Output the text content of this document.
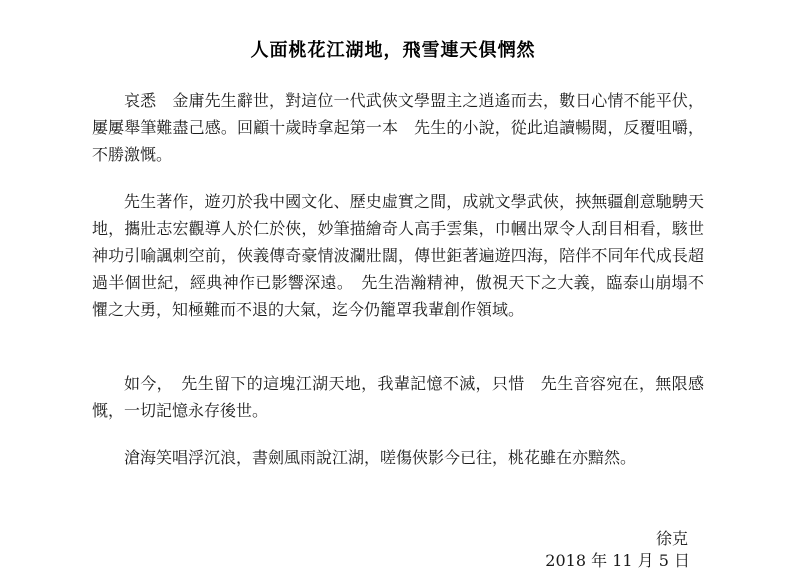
人面桃花江湖地，飛雪連天俱惘然
哀悉　金庸先生辭世，對這位一代武俠文學盟主之逍遙而去，數日心情不能平伏，屢屢舉筆難盡己感。回顧十歲時拿起第一本　先生的小說，從此追讀暢閱，反覆咀嚼，不勝激慨。
先生著作，遊刃於我中國文化、歷史虛實之間，成就文學武俠，挾無疆創意馳騁天地，攜壯志宏觀導人於仁於俠，妙筆描繪奇人高手雲集，巾幗出眾令人刮目相看，駭世神功引喻諷刺空前，俠義傳奇豪情波瀾壯闊，傳世鉅著遍遊四海，陪伴不同年代成長超過半個世紀，經典神作已影響深遠。　先生浩瀚精神，傲視天下之大義，臨泰山崩塌不懼之大勇，知極難而不退的大氣，迄今仍籠罩我輩創作領域。
如今，　先生留下的這塊江湖天地，我輩記憶不滅，只惜　先生音容宛在，無限感慨，一切記憶永存後世。
滄海笑唱浮沉浪，書劍風雨說江湖，嗟傷俠影今已往，桃花雖在亦黯然。
徐克
2018 年 11 月 5 日
